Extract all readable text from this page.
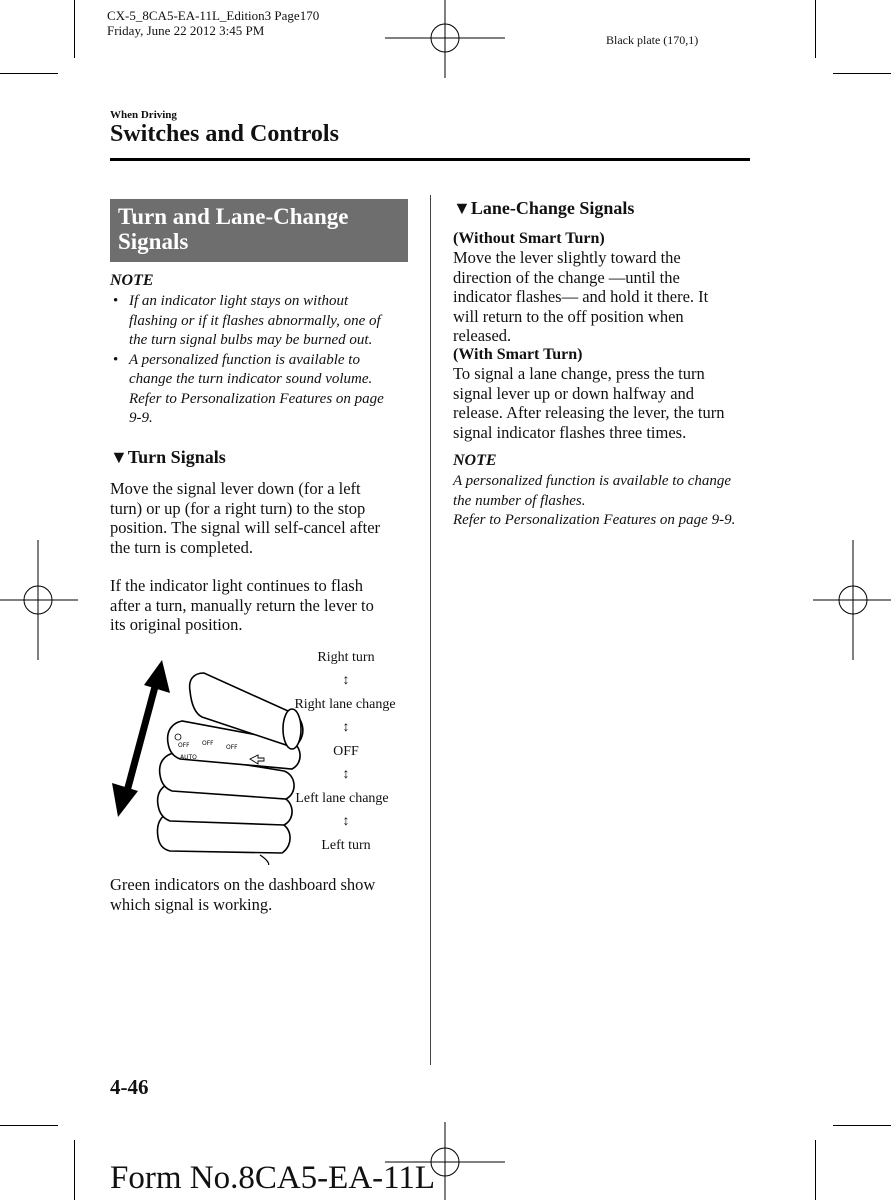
CX-5_8CA5-EA-11L_Edition3 Page170
Friday, June 22 2012 3:45 PM
Black plate (170,1)
When Driving
Switches and Controls
Turn and Lane-Change
Signals
NOTE
• If an indicator light stays on without
flashing or if it flashes abnormally, one of
the turn signal bulbs may be burned out.
• A personalized function is available to
change the turn indicator sound volume.
Refer to Personalization Features on page
9-9.
▼Turn Signals
Move the signal lever down (for a left
turn) or up (for a right turn) to the stop
position. The signal will self-cancel after
the turn is completed.
If the indicator light continues to flash
after a turn, manually return the lever to
its original position.
OFF
AUTO
OFF
OFF
Right turn
↕
Right lane change
↕
OFF
↕
Left lane change
↕
Left turn
Green indicators on the dashboard show
which signal is working.
▼Lane-Change Signals
(Without Smart Turn)
Move the lever slightly toward the
direction of the change —until the
indicator flashes— and hold it there. It
will return to the off position when
released.
(With Smart Turn)
To signal a lane change, press the turn
signal lever up or down halfway and
release. After releasing the lever, the turn
signal indicator flashes three times.
NOTE
A personalized function is available to change
the number of flashes.
Refer to Personalization Features on page 9-9.
4-46
Form No.8CA5-EA-11L
